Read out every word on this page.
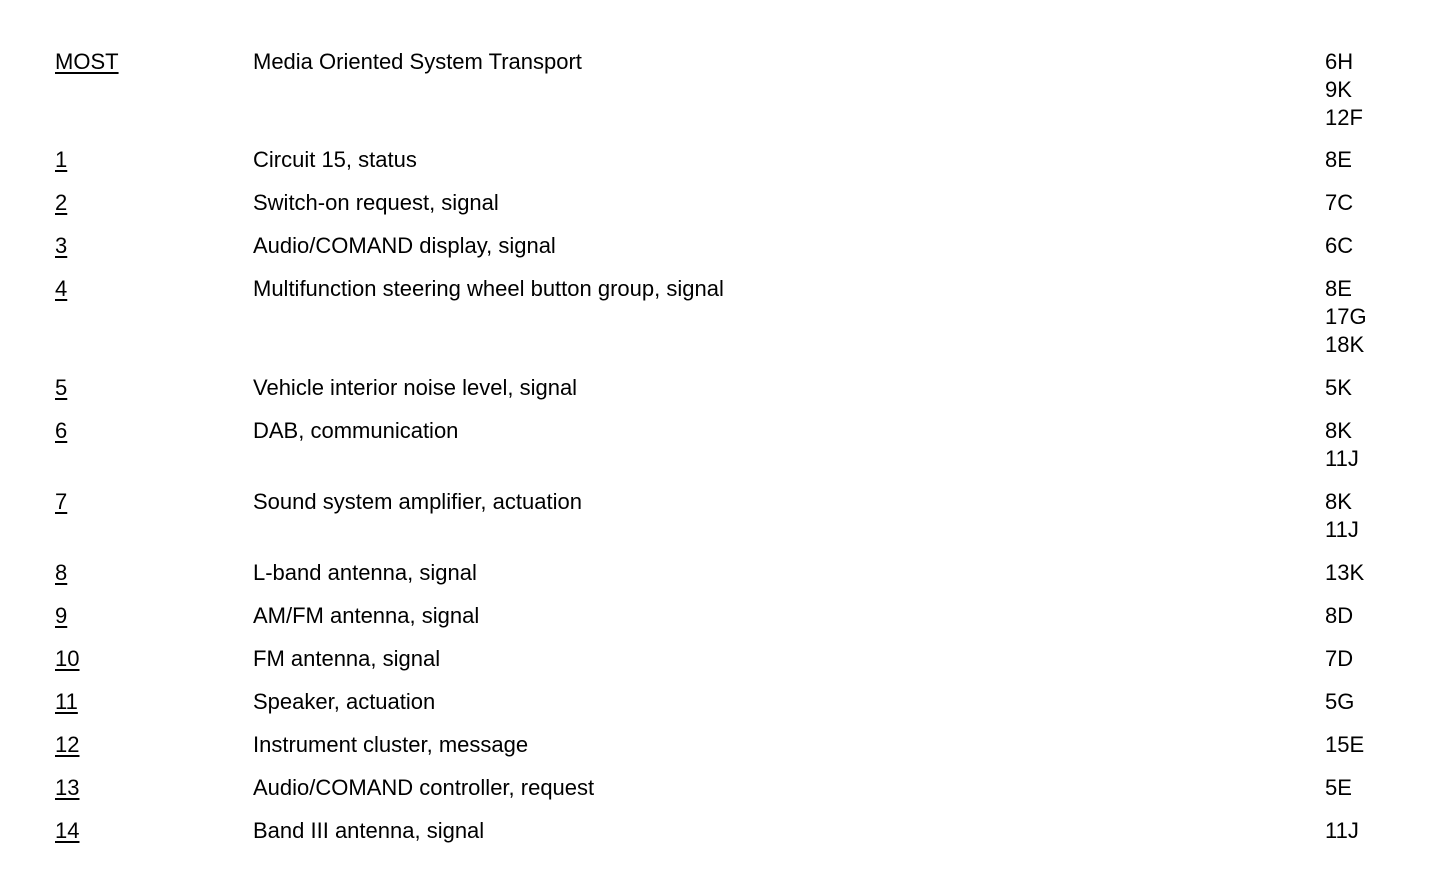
MOST	Media Oriented System Transport	6H
9K
12F
1	Circuit 15, status	8E
2	Switch-on request, signal	7C
3	Audio/COMAND display, signal	6C
4	Multifunction steering wheel button group, signal	8E
17G
18K
5	Vehicle interior noise level, signal	5K
6	DAB, communication	8K
11J
7	Sound system amplifier, actuation	8K
11J
8	L-band antenna, signal	13K
9	AM/FM antenna, signal	8D
10	FM antenna, signal	7D
11	Speaker, actuation	5G
12	Instrument cluster, message	15E
13	Audio/COMAND controller, request	5E
14	Band III antenna, signal	11J
